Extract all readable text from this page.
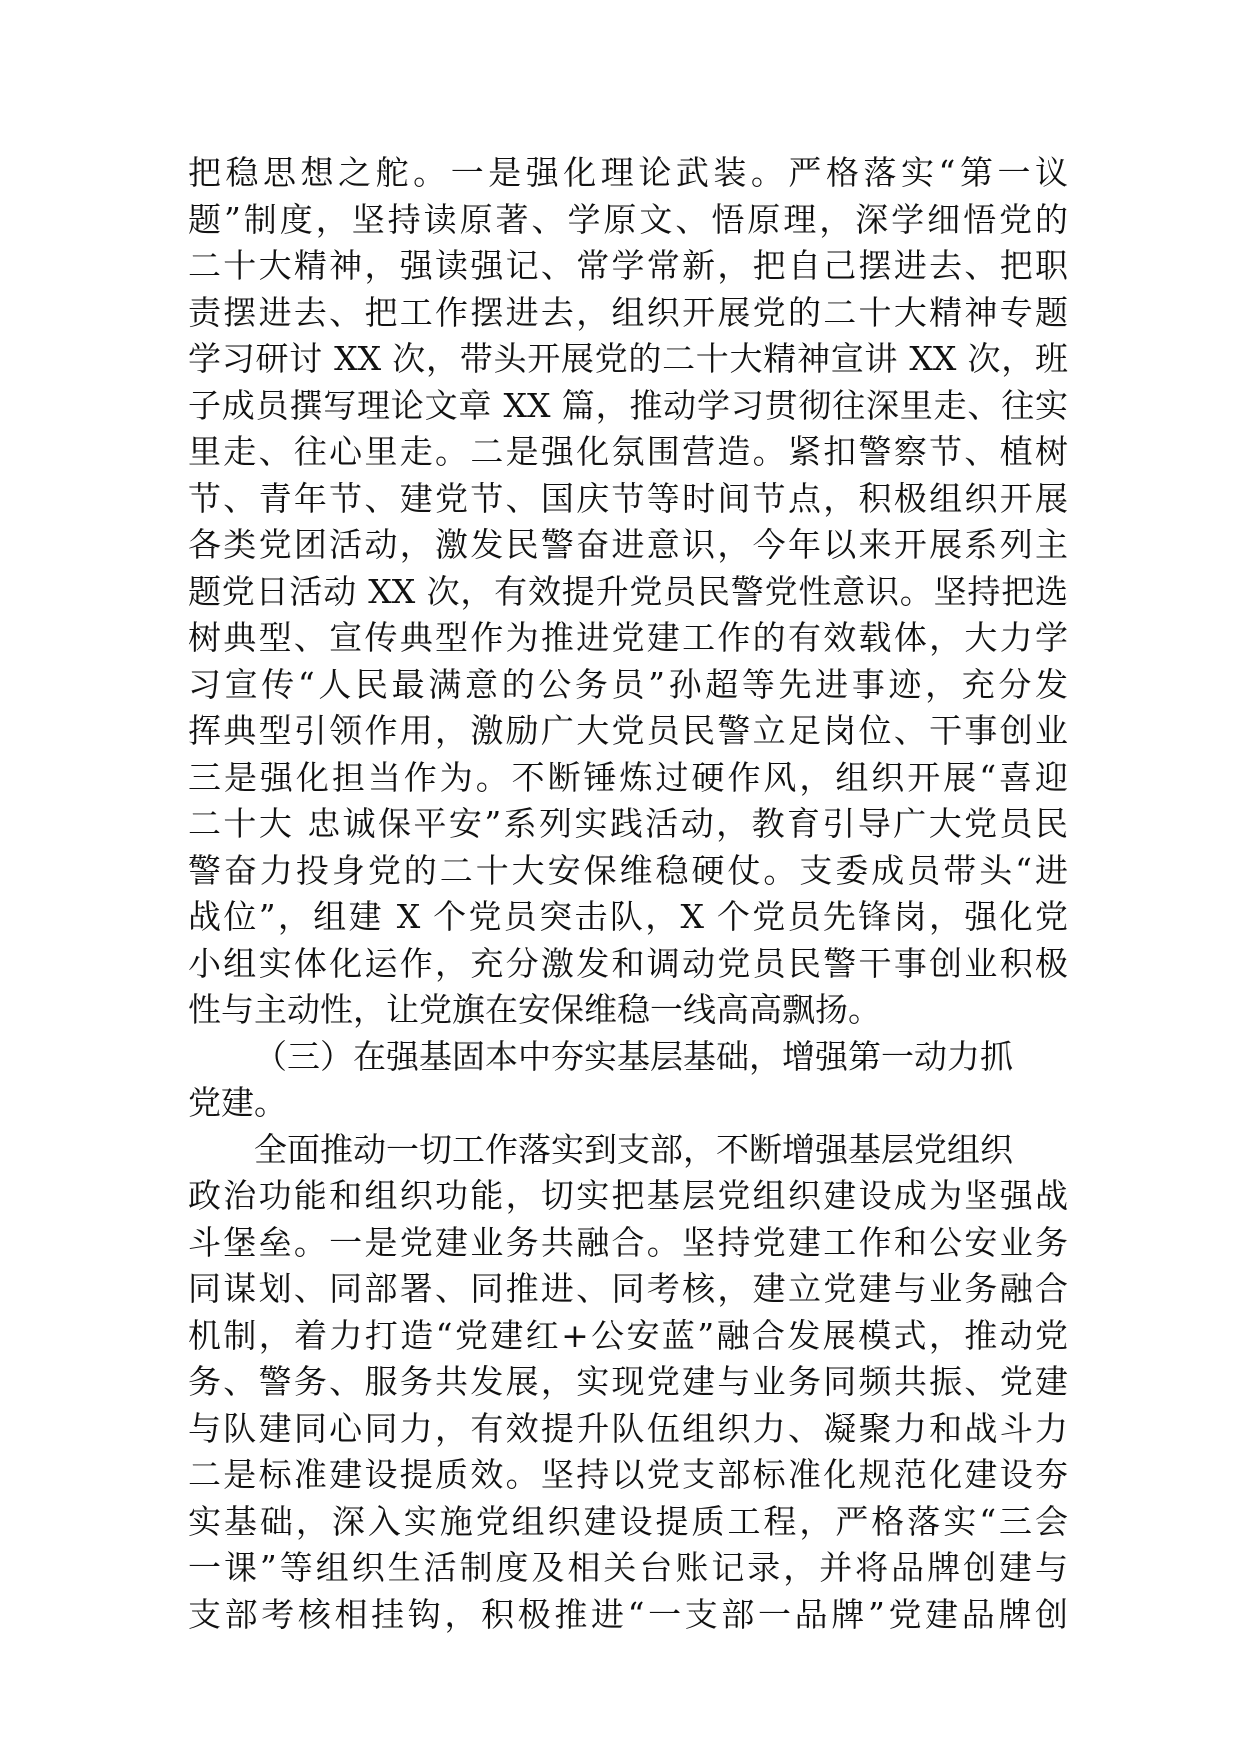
把稳思想之舵。一是强化理论武装。严格落实“第一议
题”制度，坚持读原著、学原文、悟原理，深学细悟党的
二十大精神，强读强记、常学常新，把自己摆进去、把职
责摆进去、把工作摆进去，组织开展党的二十大精神专题
学习研讨 XX 次，带头开展党的二十大精神宣讲 XX 次，班
子成员撰写理论文章 XX 篇，推动学习贯彻往深里走、往实
里走、往心里走。二是强化氛围营造。紧扣警察节、植树
节、青年节、建党节、国庆节等时间节点，积极组织开展
各类党团活动，激发民警奋进意识，今年以来开展系列主
题党日活动 XX 次，有效提升党员民警党性意识。坚持把选
树典型、宣传典型作为推进党建工作的有效载体，大力学
习宣传“人民最满意的公务员”孙超等先进事迹，充分发
挥典型引领作用，激励广大党员民警立足岗位、干事创业
三是强化担当作为。不断锤炼过硬作风，组织开展“喜迎
二十大 忠诚保平安”系列实践活动，教育引导广大党员民
警奋力投身党的二十大安保维稳硬仗。支委成员带头“进
战位”，组建 X 个党员突击队，X 个党员先锋岗，强化党
小组实体化运作，充分激发和调动党员民警干事创业积极
性与主动性，让党旗在安保维稳一线高高飘扬。
（三）在强基固本中夯实基层基础，增强第一动力抓
党建。
全面推动一切工作落实到支部，不断增强基层党组织
政治功能和组织功能，切实把基层党组织建设成为坚强战
斗堡垒。一是党建业务共融合。坚持党建工作和公安业务
同谋划、同部署、同推进、同考核，建立党建与业务融合
机制，着力打造“党建红+公安蓝”融合发展模式，推动党
务、警务、服务共发展，实现党建与业务同频共振、党建
与队建同心同力，有效提升队伍组织力、凝聚力和战斗力
二是标准建设提质效。坚持以党支部标准化规范化建设夯
实基础，深入实施党组织建设提质工程，严格落实“三会
一课”等组织生活制度及相关台账记录，并将品牌创建与
支部考核相挂钩，积极推进“一支部一品牌”党建品牌创
